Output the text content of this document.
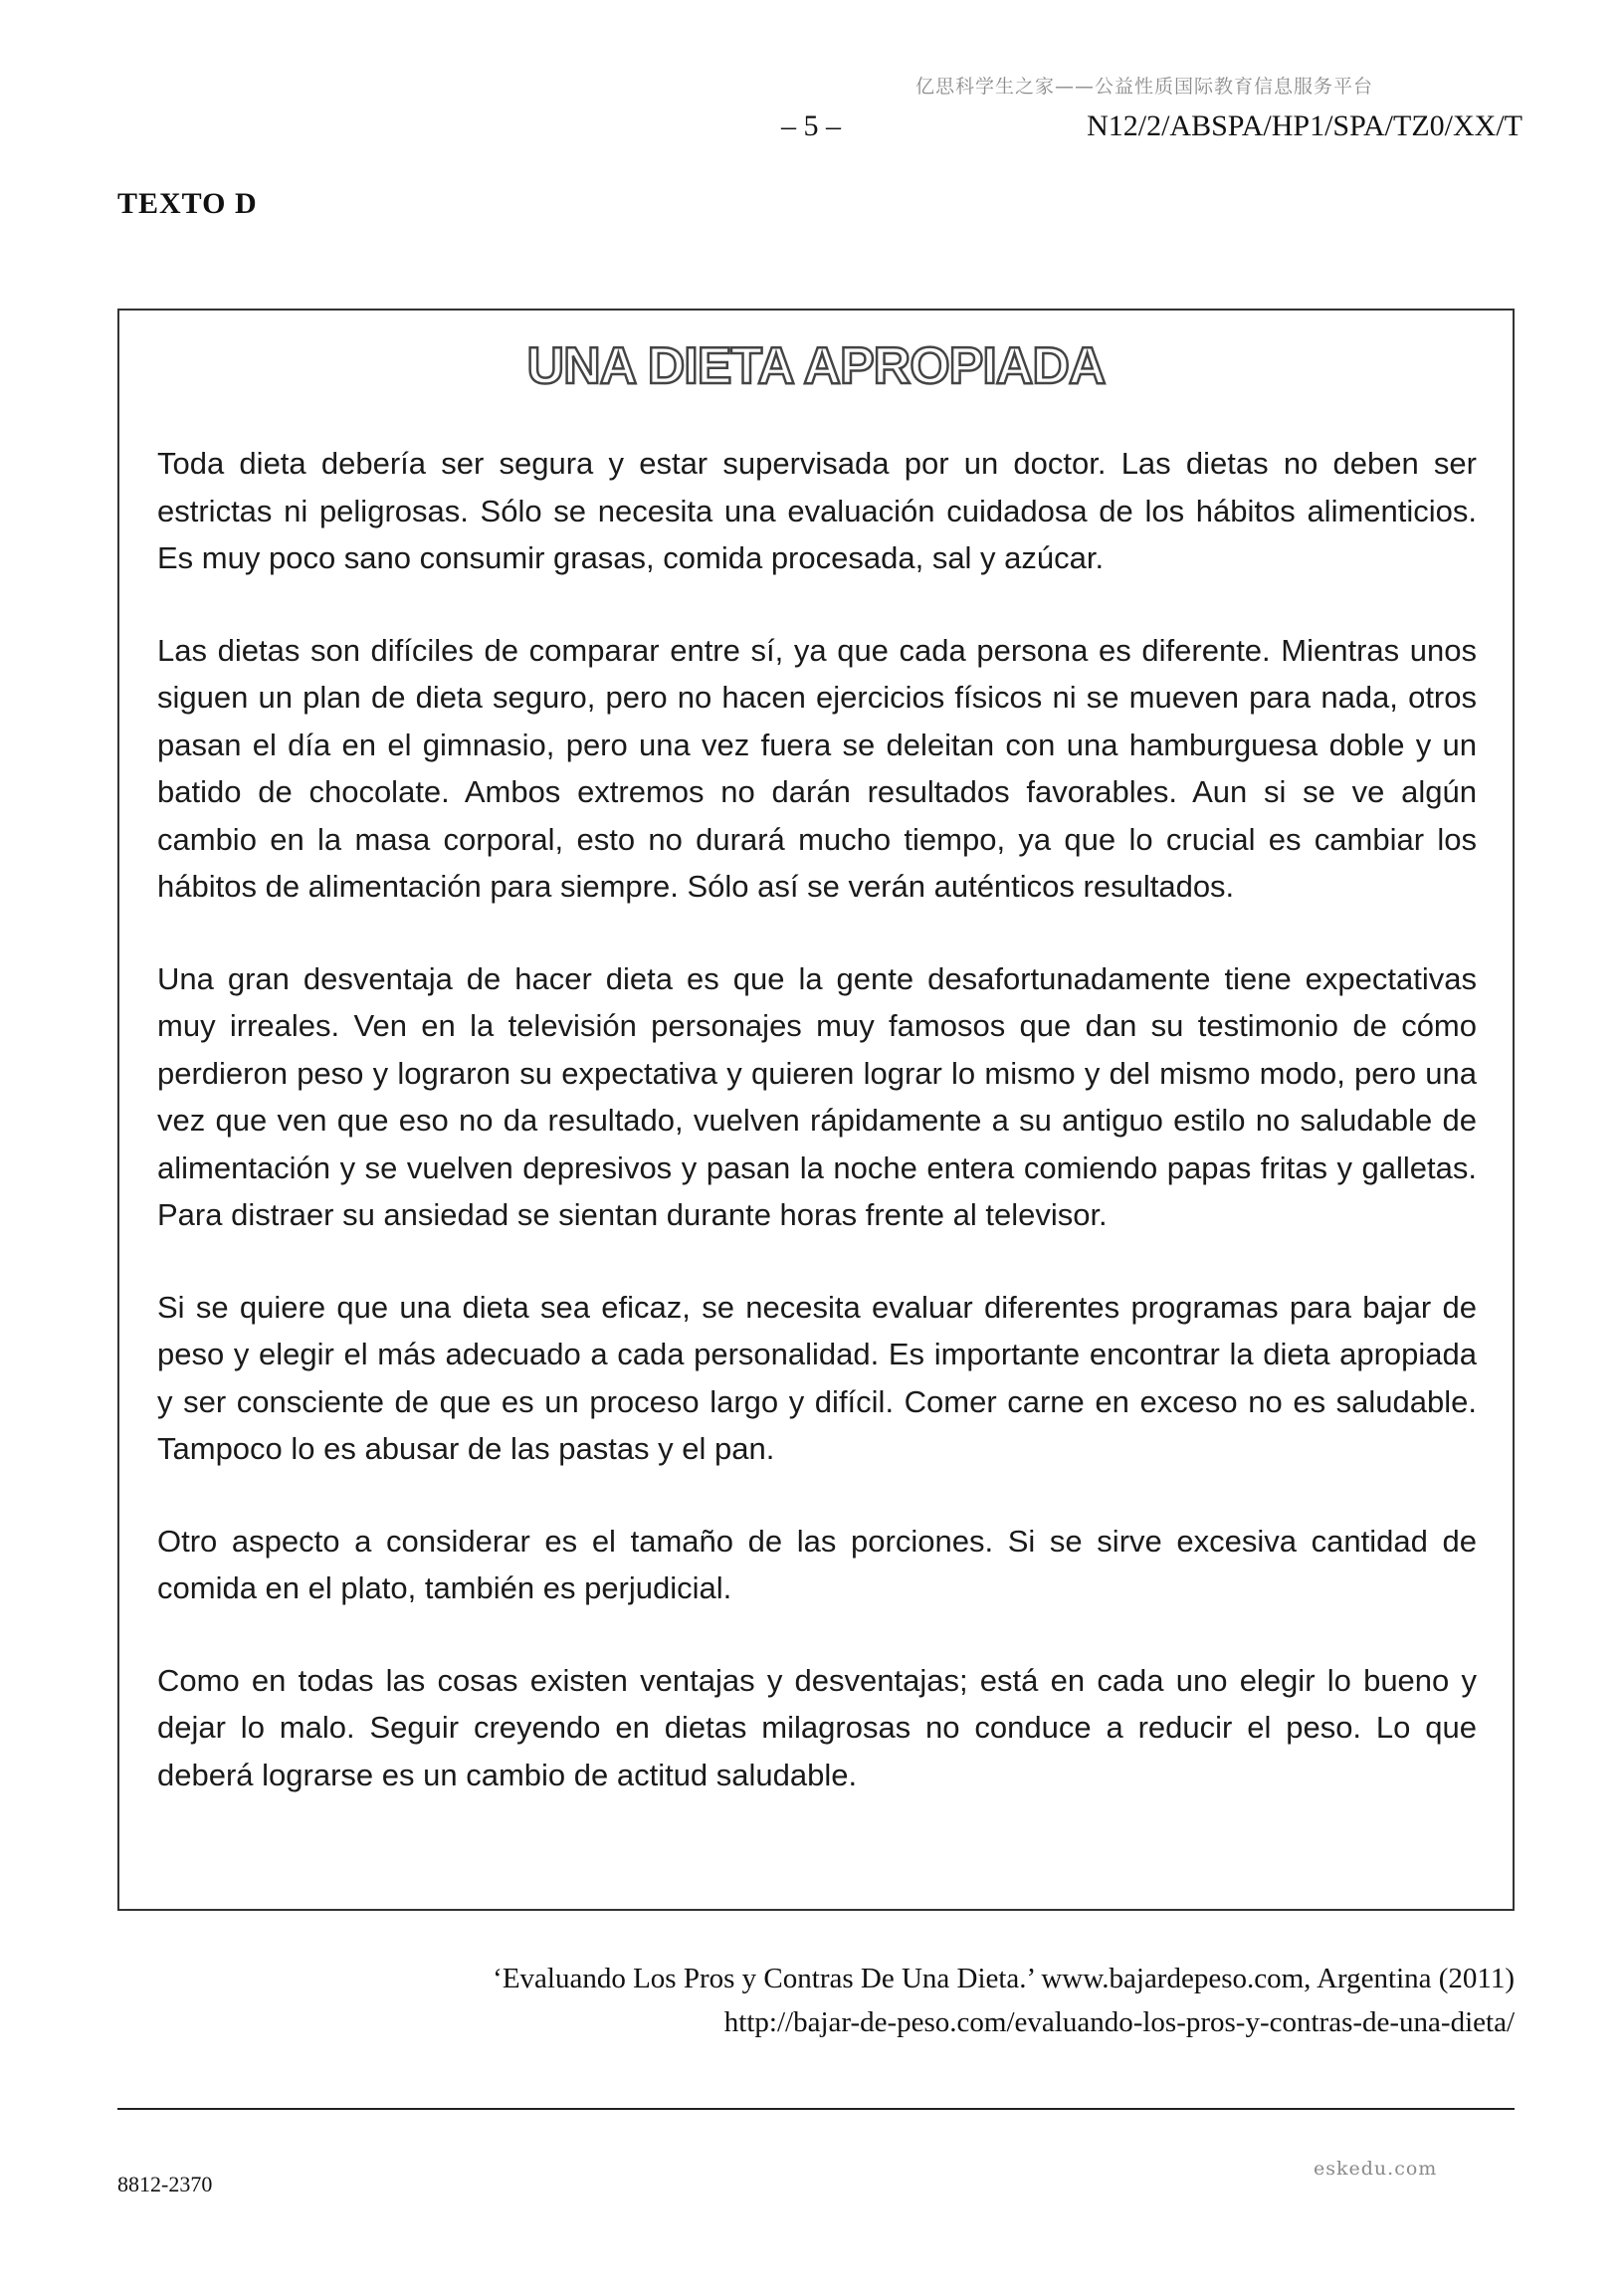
亿思科学生之家——公益性质国际教育信息服务平台
– 5 –	N12/2/ABSPA/HP1/SPA/TZ0/XX/T
TEXTO D
UNA DIETA APROPIADA

Toda dieta debería ser segura y estar supervisada por un doctor. Las dietas no deben ser estrictas ni peligrosas. Sólo se necesita una evaluación cuidadosa de los hábitos alimenticios. Es muy poco sano consumir grasas, comida procesada, sal y azúcar.

Las dietas son difíciles de comparar entre sí, ya que cada persona es diferente. Mientras unos siguen un plan de dieta seguro, pero no hacen ejercicios físicos ni se mueven para nada, otros pasan el día en el gimnasio, pero una vez fuera se deleitan con una hamburguesa doble y un batido de chocolate. Ambos extremos no darán resultados favorables. Aun si se ve algún cambio en la masa corporal, esto no durará mucho tiempo, ya que lo crucial es cambiar los hábitos de alimentación para siempre. Sólo así se verán auténticos resultados.

Una gran desventaja de hacer dieta es que la gente desafortunadamente tiene expectativas muy irreales. Ven en la televisión personajes muy famosos que dan su testimonio de cómo perdieron peso y lograron su expectativa y quieren lograr lo mismo y del mismo modo, pero una vez que ven que eso no da resultado, vuelven rápidamente a su antiguo estilo no saludable de alimentación y se vuelven depresivos y pasan la noche entera comiendo papas fritas y galletas. Para distraer su ansiedad se sientan durante horas frente al televisor.

Si se quiere que una dieta sea eficaz, se necesita evaluar diferentes programas para bajar de peso y elegir el más adecuado a cada personalidad. Es importante encontrar la dieta apropiada y ser consciente de que es un proceso largo y difícil. Comer carne en exceso no es saludable. Tampoco lo es abusar de las pastas y el pan.

Otro aspecto a considerar es el tamaño de las porciones. Si se sirve excesiva cantidad de comida en el plato, también es perjudicial.

Como en todas las cosas existen ventajas y desventajas; está en cada uno elegir lo bueno y dejar lo malo. Seguir creyendo en dietas milagrosas no conduce a reducir el peso. Lo que deberá lograrse es un cambio de actitud saludable.

‘Evaluando Los Pros y Contras De Una Dieta.’ www.bajardepeso.com, Argentina (2011)
http://bajar-de-peso.com/evaluando-los-pros-y-contras-de-una-dieta/
8812-2370
eskedu.com
